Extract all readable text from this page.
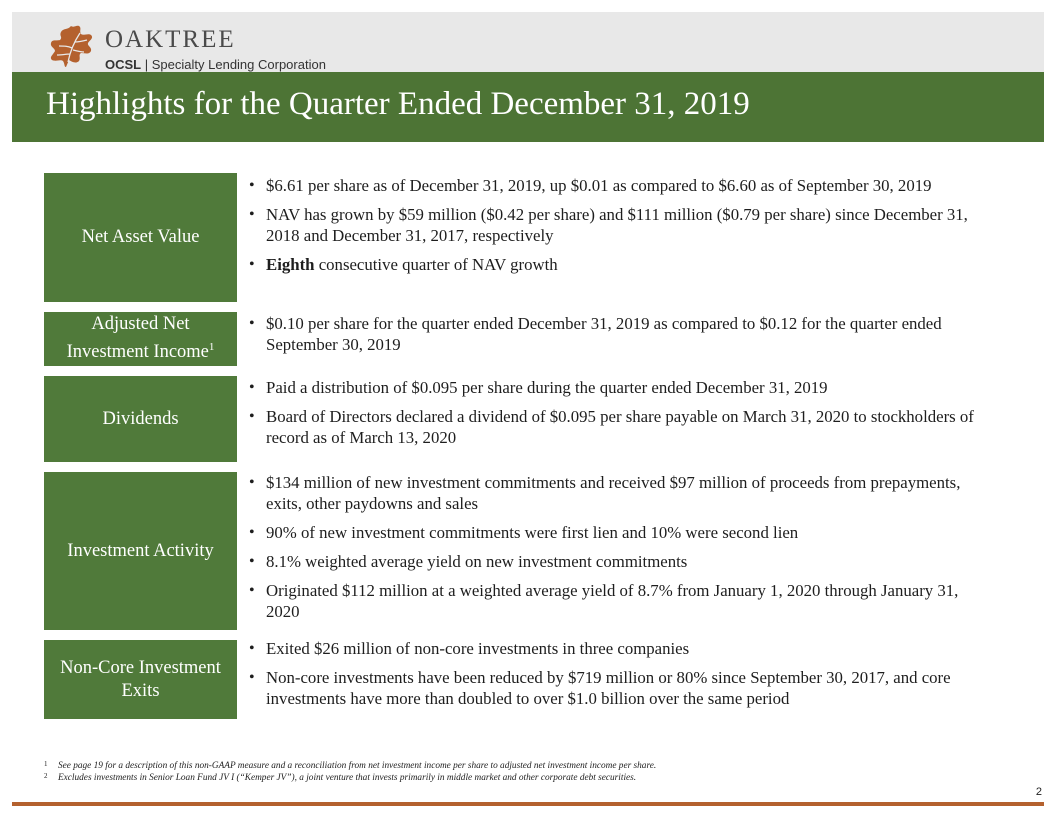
OAKTREE
OCSL | Specialty Lending Corporation
Highlights for the Quarter Ended December 31, 2019
Net Asset Value
• $6.61 per share as of December 31, 2019, up $0.01 as compared to $6.60 as of September 30, 2019
• NAV has grown by $59 million ($0.42 per share) and $111 million ($0.79 per share) since December 31, 2018 and December 31, 2017, respectively
• Eighth consecutive quarter of NAV growth
Adjusted Net Investment Income$^1$
• $0.10 per share for the quarter ended December 31, 2019 as compared to $0.12 for the quarter ended September 30, 2019
Dividends
• Paid a distribution of $0.095 per share during the quarter ended December 31, 2019
• Board of Directors declared a dividend of $0.095 per share payable on March 31, 2020 to stockholders of record as of March 13, 2020
Investment Activity
• $134 million of new investment commitments and received $97 million of proceeds from prepayments, exits, other paydowns and sales
• 90% of new investment commitments were first lien and 10% were second lien
• 8.1% weighted average yield on new investment commitments
• Originated $112 million at a weighted average yield of 8.7% from January 1, 2020 through January 31, 2020
Non-Core Investment Exits
• Exited $26 million of non-core investments in three companies
• Non-core investments have been reduced by $719 million or 80% since September 30, 2017, and core investments have more than doubled to over $1.0 billion over the same period
1 See page 19 for a description of this non-GAAP measure and a reconciliation from net investment income per share to adjusted net investment income per share.
2 Excludes investments in Senior Loan Fund JV I (“Kemper JV”), a joint venture that invests primarily in middle market and other corporate debt securities.
2
